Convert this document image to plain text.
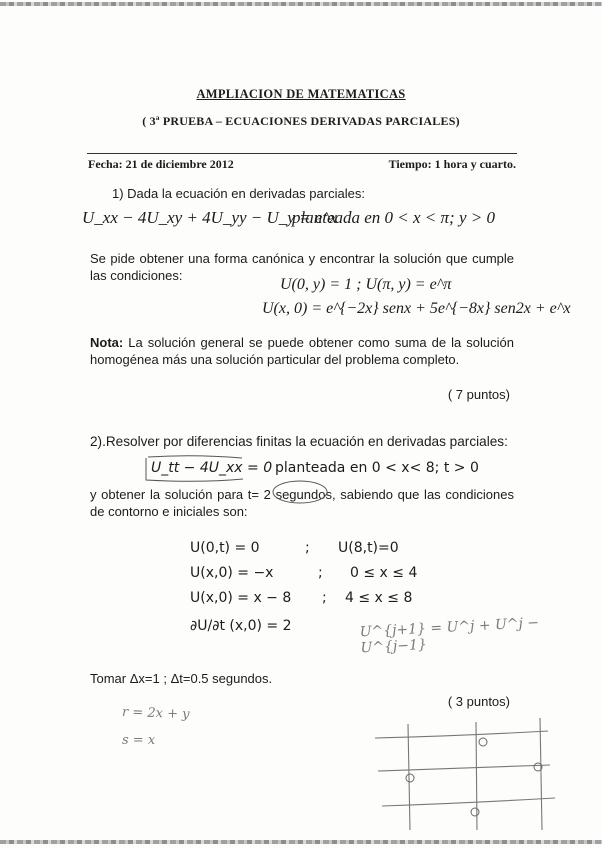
AMPLIACION DE MATEMATICAS
( 3ª PRUEBA – ECUACIONES DERIVADAS PARCIALES)
Fecha: 21 de diciembre 2012	Tiempo: 1 hora y cuarto.
1) Dada la ecuación en derivadas parciales:
U_xx − 4U_xy + 4U_yy − U_y = e^x
planteada en 0 < x < π; y > 0
Se pide obtener una forma canónica y encontrar la solución que cumple las condiciones:
U(0, y) = 1 ; U(π, y) = e^π
U(x, 0) = e^{−2x} senx + 5e^{−8x} sen2x + e^x
Nota: La solución general se puede obtener como suma de la solución homogénea más una solución particular del problema completo.
( 7 puntos)
2).Resolver por diferencias finitas la ecuación en derivadas parciales:
U_tt − 4U_xx = 0 planteada en 0 < x< 8; t > 0
y obtener la solución para t= 2 segundos, sabiendo que las condiciones de contorno e iniciales son:
U(0,t) = 0	; U(8,t)=0
U(x,0) = −x	; 0 ≤ x ≤ 4
U(x,0) = x − 8 ; 4 ≤ x ≤ 8
∂U/∂t (x,0) = 2
Tomar Δx=1 ; Δt=0.5 segundos.
( 3 puntos)
U^{j+1} = U^j + U^j − U^{j−1}
r = 2x + y
s = x
